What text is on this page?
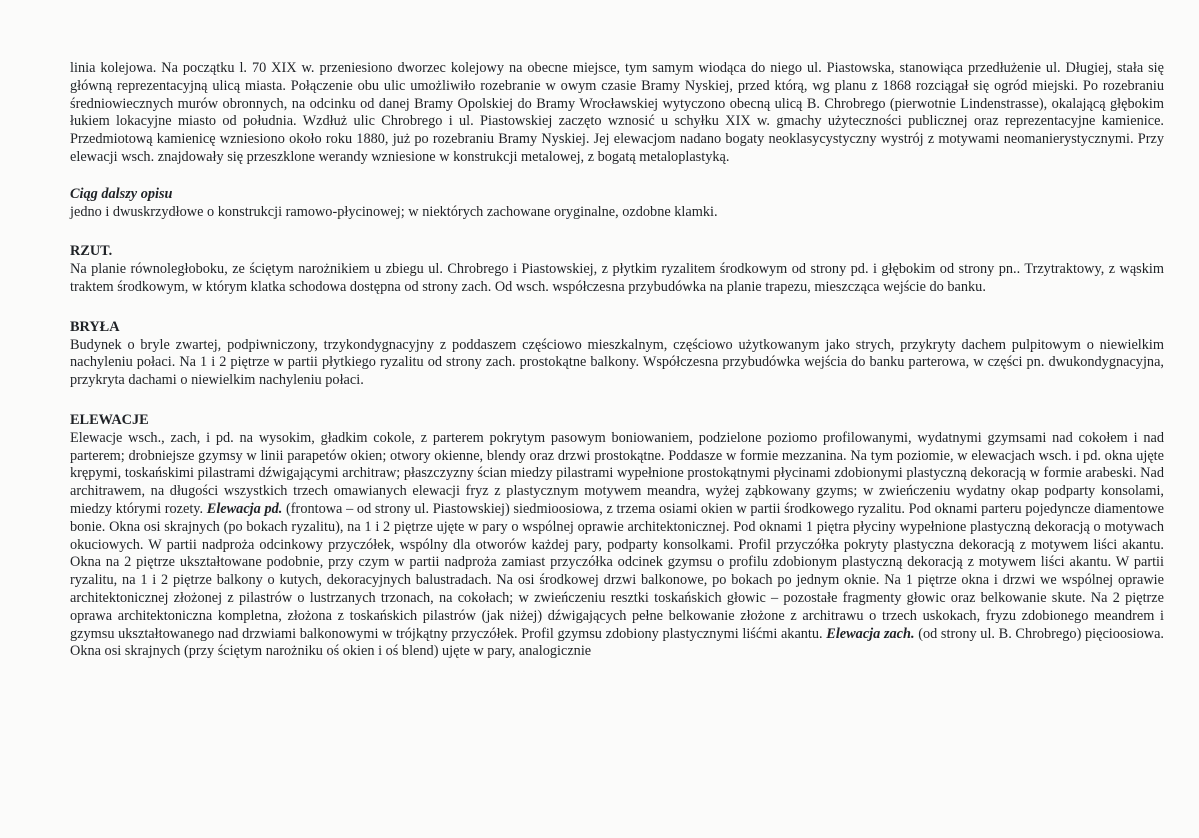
linia kolejowa. Na początku l. 70 XIX w. przeniesiono dworzec kolejowy na obecne miejsce, tym samym wiodąca do niego ul. Piastowska, stanowiąca przedłużenie ul. Długiej, stała się główną reprezentacyjną ulicą miasta. Połączenie obu ulic umożliwiło rozebranie w owym czasie Bramy Nyskiej, przed którą, wg planu z 1868 rozciągał się ogród miejski. Po rozebraniu średniowiecznych murów obronnych, na odcinku od danej Bramy Opolskiej do Bramy Wrocławskiej wytyczono obecną ulicą B. Chrobrego (pierwotnie Lindenstrasse), okalającą głębokim łukiem lokacyjne miasto od południa. Wzdłuż ulic Chrobrego i ul. Piastowskiej zaczęto wznosić u schyłku XIX w. gmachy użyteczności publicznej oraz reprezentacyjne kamienice. Przedmiotową kamienicę wzniesiono około roku 1880, już po rozebraniu Bramy Nyskiej. Jej elewacjom nadano bogaty neoklasycystyczny wystrój z motywami neomanierystycznymi. Przy elewacji wsch. znajdowały się przeszklone werandy wzniesione w konstrukcji metalowej, z bogatą metaloplastyką.

Ciąg dalszy opisu

jedno i dwuskrzydłowe o konstrukcji ramowo-płycinowej; w niektórych zachowane oryginalne, ozdobne klamki.

RZUT.

Na planie równoległoboku, ze ściętym narożnikiem u zbiegu ul. Chrobrego i Piastowskiej, z płytkim ryzalitem środkowym od strony pd. i głębokim od strony pn.. Trzytraktowy, z wąskim traktem środkowym, w którym klatka schodowa dostępna od strony zach. Od wsch. współczesna przybudówka na planie trapezu, mieszcząca wejście do banku.

BRYŁA

Budynek o bryle zwartej, podpiwniczony, trzykondygnacyjny z poddaszem częściowo mieszkalnym, częściowo użytkowanym jako strych, przykryty dachem pulpitowym o niewielkim nachyleniu połaci. Na 1 i 2 piętrze w partii płytkiego ryzalitu od strony zach. prostokątne balkony. Współczesna przybudówka wejścia do banku parterowa, w części pn. dwukondygnacyjna, przykryta dachami o niewielkim nachyleniu połaci.

ELEWACJE

Elewacje wsch., zach, i pd. na wysokim, gładkim cokole, z parterem pokrytym pasowym boniowaniem, podzielone poziomo profilowanymi, wydatnymi gzymsami nad cokołem i nad parterem; drobniejsze gzymsy w linii parapetów okien; otwory okienne, blendy oraz drzwi prostokątne. Poddasze w formie mezzanina. Na tym poziomie, w elewacjach wsch. i pd. okna ujęte krępymi, toskańskimi pilastrami dźwigającymi architraw; płaszczyzny ścian miedzy pilastrami wypełnione prostokątnymi płycinami zdobionymi plastyczną dekoracją w formie arabeski. Nad architrawem, na długości wszystkich trzech omawianych elewacji fryz z plastycznym motywem meandra, wyżej ząbkowany gzyms; w zwieńczeniu wydatny okap podparty konsolami, miedzy którymi rozety. Elewacja pd. (frontowa – od strony ul. Piastowskiej) siedmioosiowa, z trzema osiami okien w partii środkowego ryzalitu. Pod oknami parteru pojedyncze diamentowe bonie. Okna osi skrajnych (po bokach ryzalitu), na 1 i 2 piętrze ujęte w pary o wspólnej oprawie architektonicznej. Pod oknami 1 piętra płyciny wypełnione plastyczną dekoracją o motywach okuciowych. W partii nadproża odcinkowy przyczółek, wspólny dla otworów każdej pary, podparty konsolkami. Profil przyczółka pokryty plastyczna dekoracją z motywem liści akantu. Okna na 2 piętrze ukształtowane podobnie, przy czym w partii nadproża zamiast przyczółka odcinek gzymsu o profilu zdobionym plastyczną dekoracją z motywem liści akantu. W partii ryzalitu, na 1 i 2 piętrze balkony o kutych, dekoracyjnych balustradach. Na osi środkowej drzwi balkonowe, po bokach po jednym oknie. Na 1 piętrze okna i drzwi we wspólnej oprawie architektonicznej złożonej z pilastrów o lustrzanych trzonach, na cokołach; w zwieńczeniu resztki toskańskich głowic – pozostałe fragmenty głowic oraz belkowanie skute. Na 2 piętrze oprawa architektoniczna kompletna, złożona z toskańskich pilastrów (jak niżej) dźwigających pełne belkowanie złożone z architrawu o trzech uskokach, fryzu zdobionego meandrem i gzymsu ukształtowanego nad drzwiami balkonowymi w trójkątny przyczółek. Profil gzymsu zdobiony plastycznymi liśćmi akantu. Elewacja zach. (od strony ul. B. Chrobrego) pięcioosiowa. Okna osi skrajnych (przy ściętym narożniku oś okien i oś blend) ujęte w pary, analogicznie
